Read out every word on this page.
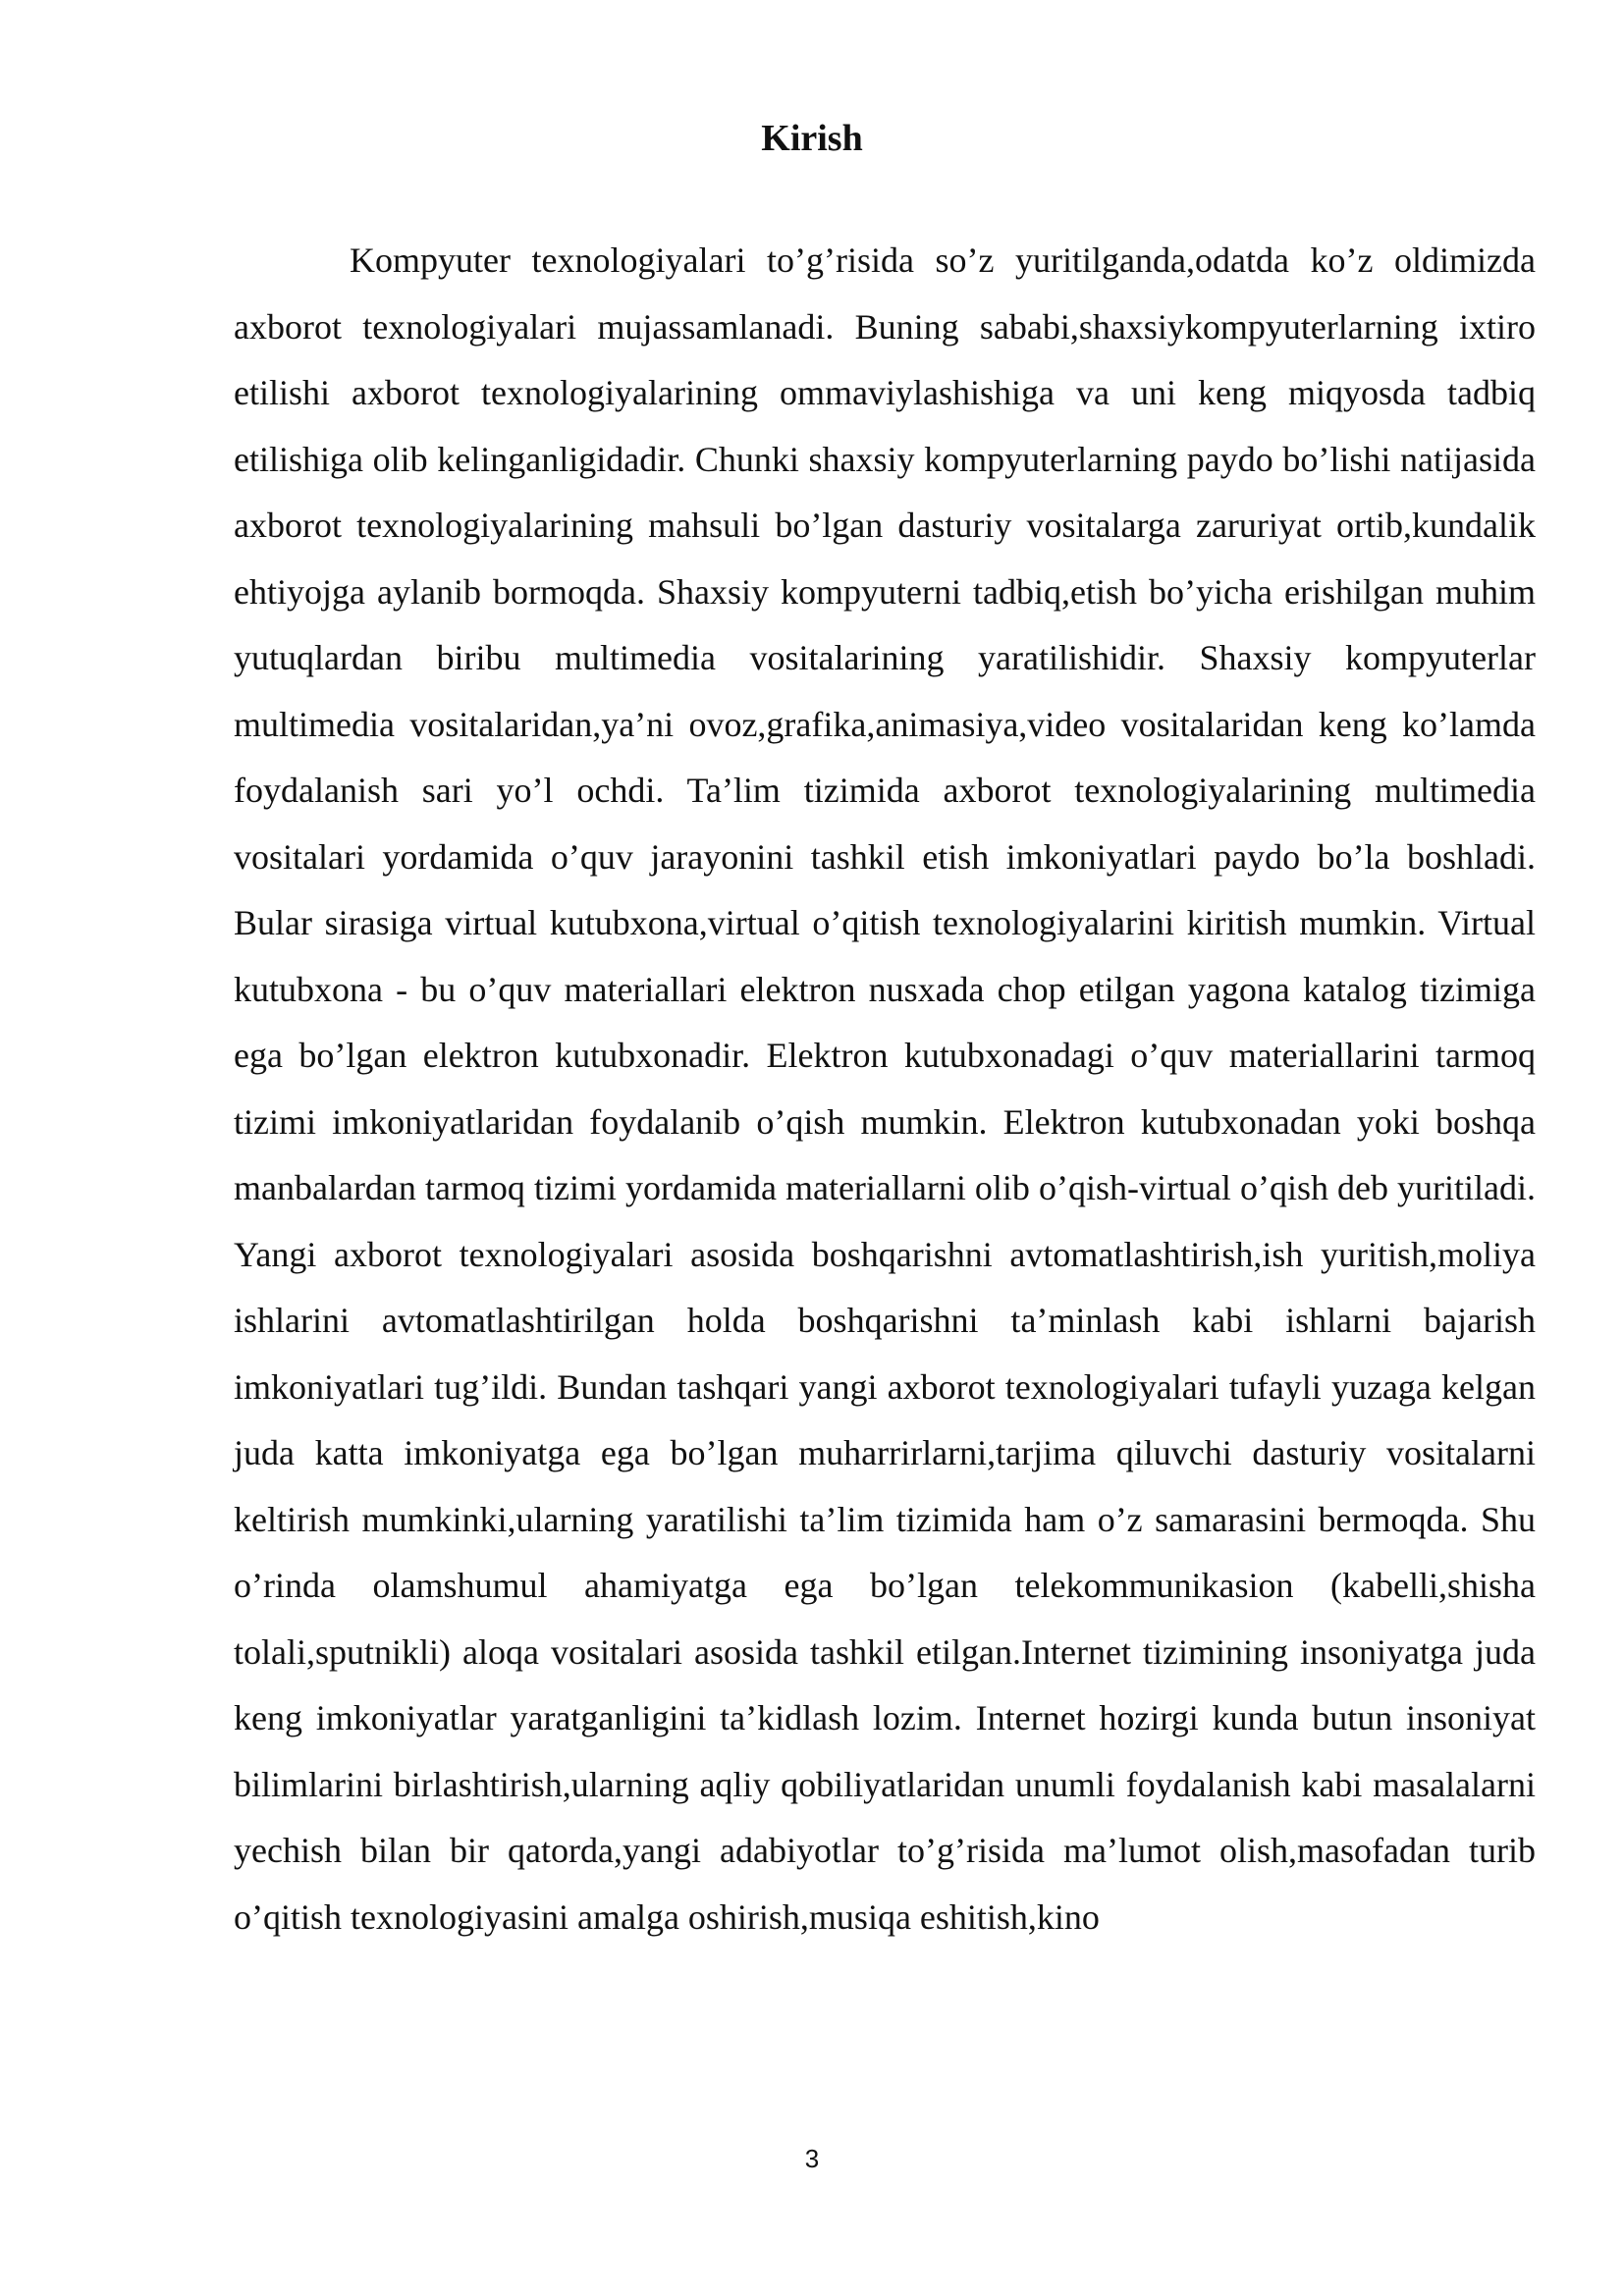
Kirish

Kompyuter texnologiyalari to’g’risida so’z yuritilganda,odatda ko’z oldimizda axborot texnologiyalari mujassamlanadi. Buning sababi,shaxsiykompyuterlarning ixtiro etilishi axborot texnologiyalarining ommaviylashishiga va uni keng miqyosda tadbiq etilishiga olib kelinganligidadir. Chunki shaxsiy kompyuterlarning paydo bo’lishi natijasida axborot texnologiyalarining mahsuli bo’lgan dasturiy vositalarga zaruriyat ortib,kundalik ehtiyojga aylanib bormoqda. Shaxsiy kompyuterni tadbiq,etish bo’yicha erishilgan muhim yutuqlardan biribu multimedia vositalarining yaratilishidir. Shaxsiy kompyuterlar multimedia vositalaridan,ya’ni ovoz,grafika,animasiya,video vositalaridan keng ko’lamda foydalanish sari yo’l ochdi. Ta’lim tizimida axborot texnologiyalarining multimedia vositalari yordamida o’quv jarayonini tashkil etish imkoniyatlari paydo bo’la boshladi. Bular sirasiga virtual kutubxona,virtual o’qitish texnologiyalarini kiritish mumkin. Virtual kutubxona - bu o’quv materiallari elektron nusxada chop etilgan yagona katalog tizimiga ega bo’lgan elektron kutubxonadir. Elektron kutubxonadagi o’quv materiallarini tarmoq tizimi imkoniyatlaridan foydalanib o’qish mumkin. Elektron kutubxonadan yoki boshqa manbalardan tarmoq tizimi yordamida materiallarni olib o’qish-virtual o’qish deb yuritiladi. Yangi axborot texnologiyalari asosida boshqarishni avtomatlashtirish,ish yuritish,moliya ishlarini avtomatlashtirilgan holda boshqarishni ta’minlash kabi ishlarni bajarish imkoniyatlari tug’ildi. Bundan tashqari yangi axborot texnologiyalari tufayli yuzaga kelgan juda katta imkoniyatga ega bo’lgan muharrirlarni,tarjima qiluvchi dasturiy vositalarni keltirish mumkinki,ularning yaratilishi ta’lim tizimida ham o’z samarasini bermoqda. Shu o’rinda olamshumul ahamiyatga ega bo’lgan telekommunikasion (kabelli,shisha tolali,sputnikli) aloqa vositalari asosida tashkil etilgan.Internet tizimining insoniyatga juda keng imkoniyatlar yaratganligini ta’kidlash lozim. Internet hozirgi kunda butun insoniyat bilimlarini birlashtirish,ularning aqliy qobiliyatlaridan unumli foydalanish kabi masalalarni yechish bilan bir qatorda,yangi adabiyotlar to’g’risida ma’lumot olish,masofadan turib o’qitish texnologiyasini amalga oshirish,musiqa eshitish,kino

3
